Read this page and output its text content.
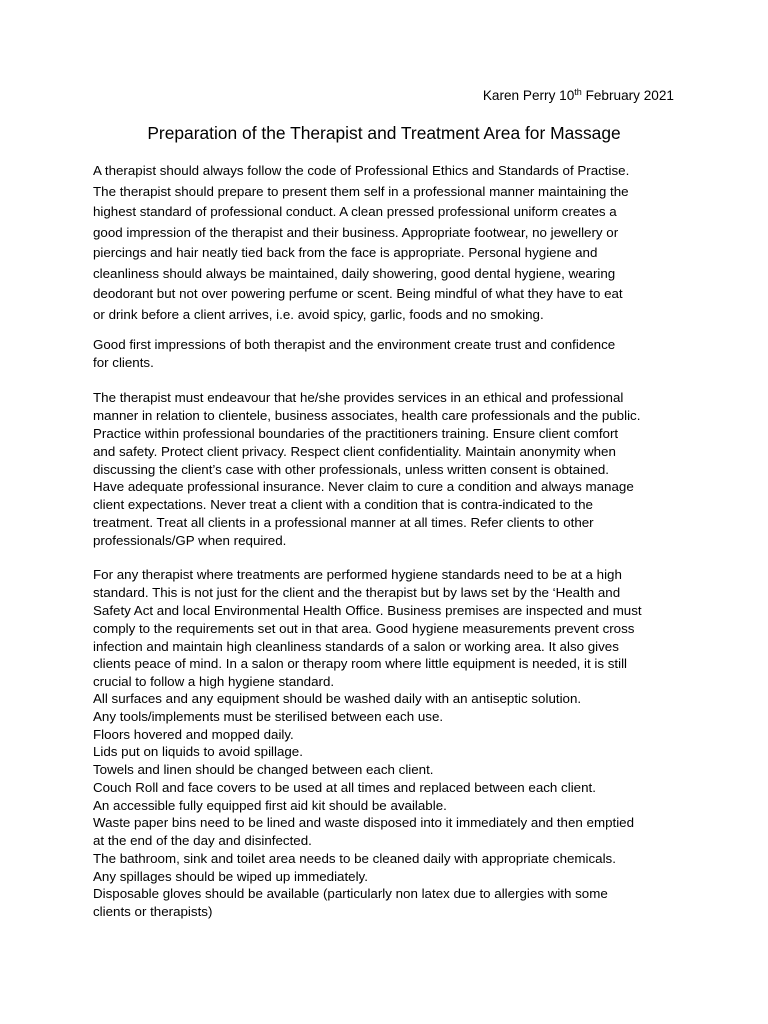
Karen Perry 10th February 2021
Preparation of the Therapist and Treatment Area for Massage
A therapist should always follow the code of Professional Ethics and Standards of Practise.
The therapist should prepare to present them self in a professional manner maintaining the
highest standard of professional conduct. A clean pressed professional uniform creates a
good impression of the therapist and their business. Appropriate footwear, no jewellery or
piercings and hair neatly tied back from the face is appropriate. Personal hygiene and
cleanliness should always be maintained, daily showering, good dental hygiene, wearing
deodorant but not over powering perfume or scent. Being mindful of what they have to eat
or drink before a client arrives, i.e. avoid spicy, garlic, foods and no smoking.
Good first impressions of both therapist and the environment create trust and confidence
for clients.
The therapist must endeavour that he/she provides services in an ethical and professional
manner in relation to clientele, business associates, health care professionals and the public.
Practice within professional boundaries of the practitioners training. Ensure client comfort
and safety. Protect client privacy. Respect client confidentiality. Maintain anonymity when
discussing the client’s case with other professionals, unless written consent is obtained.
Have adequate professional insurance. Never claim to cure a condition and always manage
client expectations. Never treat a client with a condition that is contra-indicated to the
treatment. Treat all clients in a professional manner at all times. Refer clients to other
professionals/GP when required.
For any therapist where treatments are performed hygiene standards need to be at a high
standard. This is not just for the client and the therapist but by laws set by the ‘Health and
Safety Act and local Environmental Health Office. Business premises are inspected and must
comply to the requirements set out in that area. Good hygiene measurements prevent cross
infection and maintain high cleanliness standards of a salon or working area. It also gives
clients peace of mind. In a salon or therapy room where little equipment is needed, it is still
crucial to follow a high hygiene standard.
All surfaces and any equipment should be washed daily with an antiseptic solution.
Any tools/implements must be sterilised between each use.
Floors hovered and mopped daily.
Lids put on liquids to avoid spillage.
Towels and linen should be changed between each client.
Couch Roll and face covers to be used at all times and replaced between each client.
An accessible fully equipped first aid kit should be available.
Waste paper bins need to be lined and waste disposed into it immediately and then emptied
at the end of the day and disinfected.
The bathroom, sink and toilet area needs to be cleaned daily with appropriate chemicals.
Any spillages should be wiped up immediately.
Disposable gloves should be available (particularly non latex due to allergies with some
clients or therapists)
